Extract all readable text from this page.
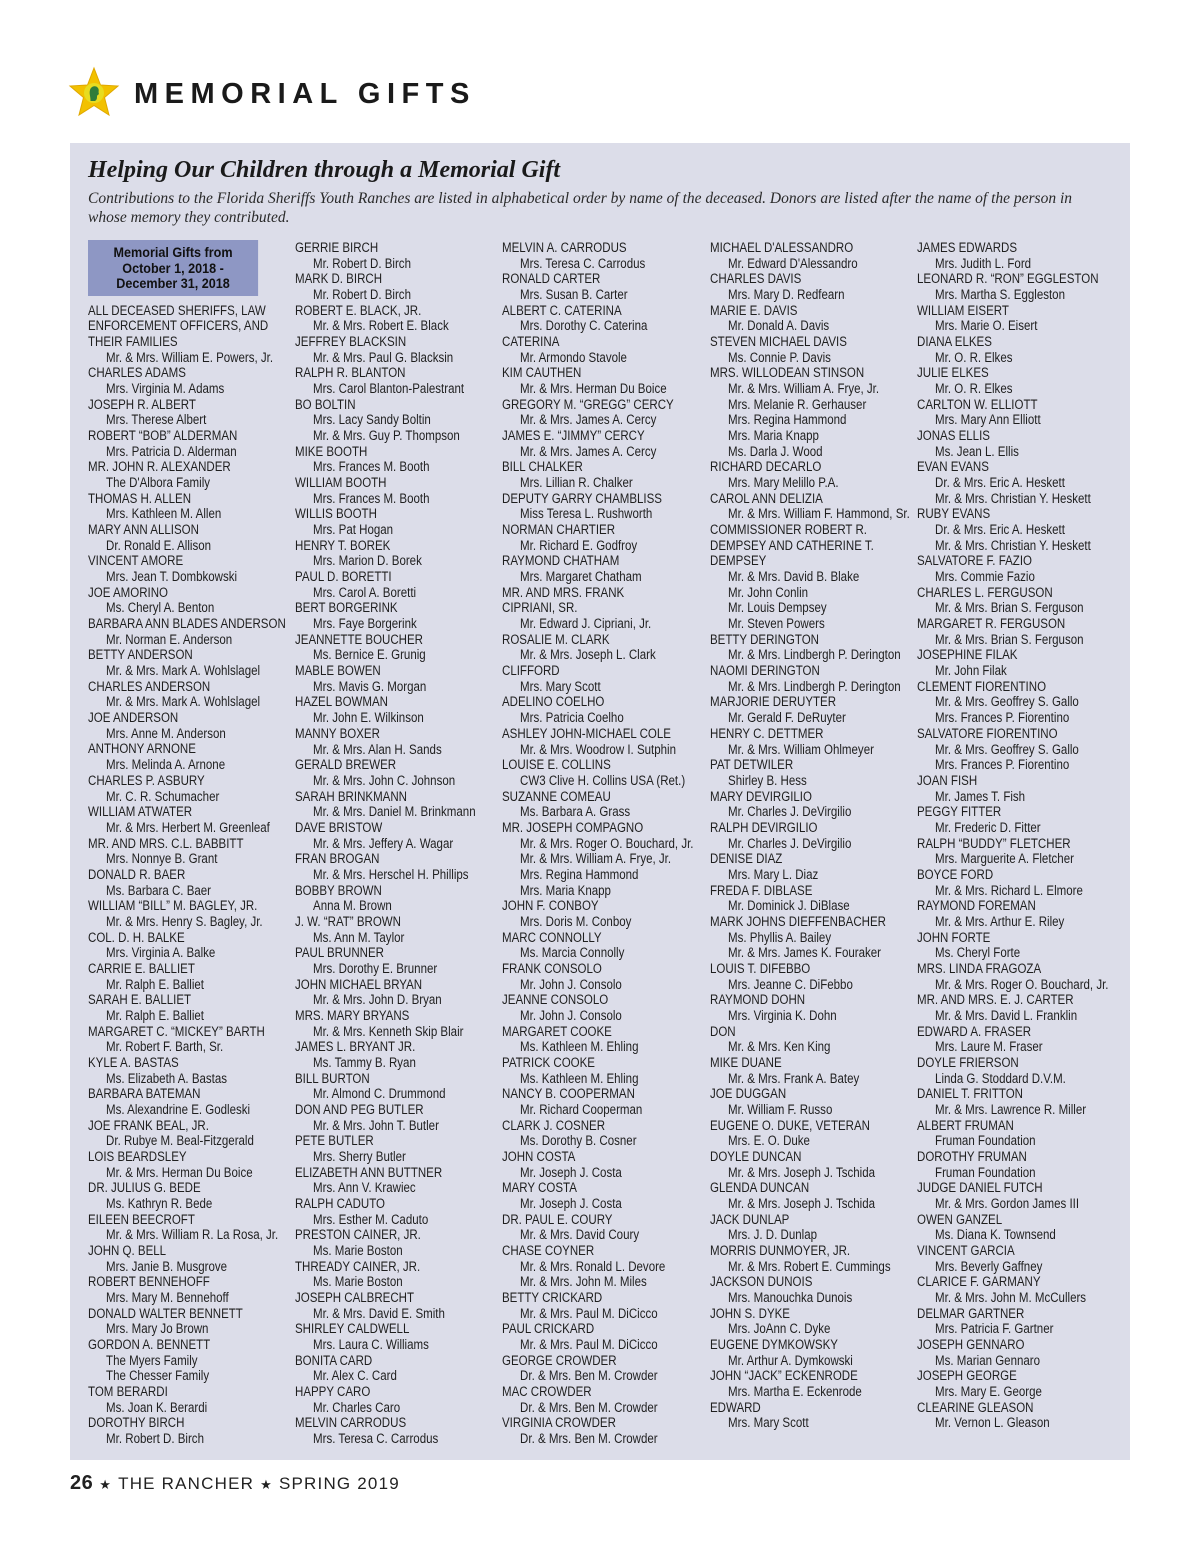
MEMORIAL GIFTS
Helping Our Children through a Memorial Gift

Contributions to the Florida Sheriffs Youth Ranches are listed in alphabetical order by name of the deceased. Donors are listed after the name of the person in whose memory they contributed.

Memorial Gifts from
October 1, 2018 -
December 31, 2018
ALL DECEASED SHERIFFS, LAW
ENFORCEMENT OFFICERS, AND
THEIR FAMILIES
Mr. & Mrs. William E. Powers, Jr.
CHARLES ADAMS
Mrs. Virginia M. Adams
JOSEPH R. ALBERT
Mrs. Therese Albert
ROBERT “BOB” ALDERMAN
Mrs. Patricia D. Alderman
MR. JOHN R. ALEXANDER
The D'Albora Family
THOMAS H. ALLEN
Mrs. Kathleen M. Allen
MARY ANN ALLISON
Dr. Ronald E. Allison
VINCENT AMORE
Mrs. Jean T. Dombkowski
JOE AMORINO
Ms. Cheryl A. Benton
BARBARA ANN BLADES ANDERSON
Mr. Norman E. Anderson
BETTY ANDERSON
Mr. & Mrs. Mark A. Wohlslagel
CHARLES ANDERSON
Mr. & Mrs. Mark A. Wohlslagel
JOE ANDERSON
Mrs. Anne M. Anderson
ANTHONY ARNONE
Mrs. Melinda A. Arnone
CHARLES P. ASBURY
Mr. C. R. Schumacher
WILLIAM ATWATER
Mr. & Mrs. Herbert M. Greenleaf
MR. AND MRS. C.L. BABBITT
Mrs. Nonnye B. Grant
DONALD R. BAER
Ms. Barbara C. Baer
WILLIAM “BILL” M. BAGLEY, JR.
Mr. & Mrs. Henry S. Bagley, Jr.
COL. D. H. BALKE
Mrs. Virginia A. Balke
CARRIE E. BALLIET
Mr. Ralph E. Balliet
SARAH E. BALLIET
Mr. Ralph E. Balliet
MARGARET C. “MICKEY” BARTH
Mr. Robert F. Barth, Sr.
KYLE A. BASTAS
Ms. Elizabeth A. Bastas
BARBARA BATEMAN
Ms. Alexandrine E. Godleski
JOE FRANK BEAL, JR.
Dr. Rubye M. Beal-Fitzgerald
LOIS BEARDSLEY
Mr. & Mrs. Herman Du Boice
DR. JULIUS G. BEDE
Ms. Kathryn R. Bede
EILEEN BEECROFT
Mr. & Mrs. William R. La Rosa, Jr.
JOHN Q. BELL
Mrs. Janie B. Musgrove
ROBERT BENNEHOFF
Mrs. Mary M. Bennehoff
DONALD WALTER BENNETT
Mrs. Mary Jo Brown
GORDON A. BENNETT
The Myers Family
The Chesser Family
TOM BERARDI
Ms. Joan K. Berardi
DOROTHY BIRCH
Mr. Robert D. Birch
GERRIE BIRCH
Mr. Robert D. Birch
MARK D. BIRCH
Mr. Robert D. Birch
ROBERT E. BLACK, JR.
Mr. & Mrs. Robert E. Black
JEFFREY BLACKSIN
Mr. & Mrs. Paul G. Blacksin
RALPH R. BLANTON
Mrs. Carol Blanton-Palestrant
BO BOLTIN
Mrs. Lacy Sandy Boltin
Mr. & Mrs. Guy P. Thompson
MIKE BOOTH
Mrs. Frances M. Booth
WILLIAM BOOTH
Mrs. Frances M. Booth
WILLIS BOOTH
Mrs. Pat Hogan
HENRY T. BOREK
Mrs. Marion D. Borek
PAUL D. BORETTI
Mrs. Carol A. Boretti
BERT BORGERINK
Mrs. Faye Borgerink
JEANNETTE BOUCHER
Ms. Bernice E. Grunig
MABLE BOWEN
Mrs. Mavis G. Morgan
HAZEL BOWMAN
Mr. John E. Wilkinson
MANNY BOXER
Mr. & Mrs. Alan H. Sands
GERALD BREWER
Mr. & Mrs. John C. Johnson
SARAH BRINKMANN
Mr. & Mrs. Daniel M. Brinkmann
DAVE BRISTOW
Mr. & Mrs. Jeffery A. Wagar
FRAN BROGAN
Mr. & Mrs. Herschel H. Phillips
BOBBY BROWN
Anna M. Brown
J. W. “RAT” BROWN
Ms. Ann M. Taylor
PAUL BRUNNER
Mrs. Dorothy E. Brunner
JOHN MICHAEL BRYAN
Mr. & Mrs. John D. Bryan
MRS. MARY BRYANS
Mr. & Mrs. Kenneth Skip Blair
JAMES L. BRYANT JR.
Ms. Tammy B. Ryan
BILL BURTON
Mr. Almond C. Drummond
DON AND PEG BUTLER
Mr. & Mrs. John T. Butler
PETE BUTLER
Mrs. Sherry Butler
ELIZABETH ANN BUTTNER
Mrs. Ann V. Krawiec
RALPH CADUTO
Mrs. Esther M. Caduto
PRESTON CAINER, JR.
Ms. Marie Boston
THREADY CAINER, JR.
Ms. Marie Boston
JOSEPH CALBRECHT
Mr. & Mrs. David E. Smith
SHIRLEY CALDWELL
Mrs. Laura C. Williams
BONITA CARD
Mr. Alex C. Card
HAPPY CARO
Mr. Charles Caro
MELVIN CARRODUS
Mrs. Teresa C. Carrodus
MELVIN A. CARRODUS
Mrs. Teresa C. Carrodus
RONALD CARTER
Mrs. Susan B. Carter
ALBERT C. CATERINA
Mrs. Dorothy C. Caterina
CATERINA
Mr. Armondo Stavole
KIM CAUTHEN
Mr. & Mrs. Herman Du Boice
GREGORY M. “GREGG” CERCY
Mr. & Mrs. James A. Cercy
JAMES E. “JIMMY” CERCY
Mr. & Mrs. James A. Cercy
BILL CHALKER
Mrs. Lillian R. Chalker
DEPUTY GARRY CHAMBLISS
Miss Teresa L. Rushworth
NORMAN CHARTIER
Mr. Richard E. Godfroy
RAYMOND CHATHAM
Mrs. Margaret Chatham
MR. AND MRS. FRANK
CIPRIANI, SR.
Mr. Edward J. Cipriani, Jr.
ROSALIE M. CLARK
Mr. & Mrs. Joseph L. Clark
CLIFFORD
Mrs. Mary Scott
ADELINO COELHO
Mrs. Patricia Coelho
ASHLEY JOHN-MICHAEL COLE
Mr. & Mrs. Woodrow I. Sutphin
LOUISE E. COLLINS
CW3 Clive H. Collins USA (Ret.)
SUZANNE COMEAU
Ms. Barbara A. Grass
MR. JOSEPH COMPAGNO
Mr. & Mrs. Roger O. Bouchard, Jr.
Mr. & Mrs. William A. Frye, Jr.
Mrs. Regina Hammond
Mrs. Maria Knapp
JOHN F. CONBOY
Mrs. Doris M. Conboy
MARC CONNOLLY
Ms. Marcia Connolly
FRANK CONSOLO
Mr. John J. Consolo
JEANNE CONSOLO
Mr. John J. Consolo
MARGARET COOKE
Ms. Kathleen M. Ehling
PATRICK COOKE
Ms. Kathleen M. Ehling
NANCY B. COOPERMAN
Mr. Richard Cooperman
CLARK J. COSNER
Ms. Dorothy B. Cosner
JOHN COSTA
Mr. Joseph J. Costa
MARY COSTA
Mr. Joseph J. Costa
DR. PAUL E. COURY
Mr. & Mrs. David Coury
CHASE COYNER
Mr. & Mrs. Ronald L. Devore
Mr. & Mrs. John M. Miles
BETTY CRICKARD
Mr. & Mrs. Paul M. DiCicco
PAUL CRICKARD
Mr. & Mrs. Paul M. DiCicco
GEORGE CROWDER
Dr. & Mrs. Ben M. Crowder
MAC CROWDER
Dr. & Mrs. Ben M. Crowder
VIRGINIA CROWDER
Dr. & Mrs. Ben M. Crowder
MICHAEL D'ALESSANDRO
Mr. Edward D'Alessandro
CHARLES DAVIS
Mrs. Mary D. Redfearn
MARIE E. DAVIS
Mr. Donald A. Davis
STEVEN MICHAEL DAVIS
Ms. Connie P. Davis
MRS. WILLODEAN STINSON
Mr. & Mrs. William A. Frye, Jr.
Mrs. Melanie R. Gerhauser
Mrs. Regina Hammond
Mrs. Maria Knapp
Ms. Darla J. Wood
RICHARD DECARLO
Mrs. Mary Melillo P.A.
CAROL ANN DELIZIA
Mr. & Mrs. William F. Hammond, Sr.
COMMISSIONER ROBERT R.
DEMPSEY AND CATHERINE T.
DEMPSEY
Mr. & Mrs. David B. Blake
Mr. John Conlin
Mr. Louis Dempsey
Mr. Steven Powers
BETTY DERINGTON
Mr. & Mrs. Lindbergh P. Derington
NAOMI DERINGTON
Mr. & Mrs. Lindbergh P. Derington
MARJORIE DERUYTER
Mr. Gerald F. DeRuyter
HENRY C. DETTMER
Mr. & Mrs. William Ohlmeyer
PAT DETWILER
Shirley B. Hess
MARY DEVIRGILIO
Mr. Charles J. DeVirgilio
RALPH DEVIRGILIO
Mr. Charles J. DeVirgilio
DENISE DIAZ
Mrs. Mary L. Diaz
FREDA F. DIBLASE
Mr. Dominick J. DiBlase
MARK JOHNS DIEFFENBACHER
Ms. Phyllis A. Bailey
Mr. & Mrs. James K. Fouraker
LOUIS T. DIFEBBO
Mrs. Jeanne C. DiFebbo
RAYMOND DOHN
Mrs. Virginia K. Dohn
DON
Mr. & Mrs. Ken King
MIKE DUANE
Mr. & Mrs. Frank A. Batey
JOE DUGGAN
Mr. William F. Russo
EUGENE O. DUKE, VETERAN
Mrs. E. O. Duke
DOYLE DUNCAN
Mr. & Mrs. Joseph J. Tschida
GLENDA DUNCAN
Mr. & Mrs. Joseph J. Tschida
JACK DUNLAP
Mrs. J. D. Dunlap
MORRIS DUNMOYER, JR.
Mr. & Mrs. Robert E. Cummings
JACKSON DUNOIS
Mrs. Manouchka Dunois
JOHN S. DYKE
Mrs. JoAnn C. Dyke
EUGENE DYMKOWSKY
Mr. Arthur A. Dymkowski
JOHN “JACK” ECKENRODE
Mrs. Martha E. Eckenrode
EDWARD
Mrs. Mary Scott
JAMES EDWARDS
Mrs. Judith L. Ford
LEONARD R. “RON” EGGLESTON
Mrs. Martha S. Eggleston
WILLIAM EISERT
Mrs. Marie O. Eisert
DIANA ELKES
Mr. O. R. Elkes
JULIE ELKES
Mr. O. R. Elkes
CARLTON W. ELLIOTT
Mrs. Mary Ann Elliott
JONAS ELLIS
Ms. Jean L. Ellis
EVAN EVANS
Dr. & Mrs. Eric A. Heskett
Mr. & Mrs. Christian Y. Heskett
RUBY EVANS
Dr. & Mrs. Eric A. Heskett
Mr. & Mrs. Christian Y. Heskett
SALVATORE F. FAZIO
Mrs. Commie Fazio
CHARLES L. FERGUSON
Mr. & Mrs. Brian S. Ferguson
MARGARET R. FERGUSON
Mr. & Mrs. Brian S. Ferguson
JOSEPHINE FILAK
Mr. John Filak
CLEMENT FIORENTINO
Mr. & Mrs. Geoffrey S. Gallo
Mrs. Frances P. Fiorentino
SALVATORE FIORENTINO
Mr. & Mrs. Geoffrey S. Gallo
Mrs. Frances P. Fiorentino
JOAN FISH
Mr. James T. Fish
PEGGY FITTER
Mr. Frederic D. Fitter
RALPH “BUDDY” FLETCHER
Mrs. Marguerite A. Fletcher
BOYCE FORD
Mr. & Mrs. Richard L. Elmore
RAYMOND FOREMAN
Mr. & Mrs. Arthur E. Riley
JOHN FORTE
Ms. Cheryl Forte
MRS. LINDA FRAGOZA
Mr. & Mrs. Roger O. Bouchard, Jr.
MR. AND MRS. E. J. CARTER
Mr. & Mrs. David L. Franklin
EDWARD A. FRASER
Mrs. Laure M. Fraser
DOYLE FRIERSON
Linda G. Stoddard D.V.M.
DANIEL T. FRITTON
Mr. & Mrs. Lawrence R. Miller
ALBERT FRUMAN
Fruman Foundation
DOROTHY FRUMAN
Fruman Foundation
JUDGE DANIEL FUTCH
Mr. & Mrs. Gordon James III
OWEN GANZEL
Ms. Diana K. Townsend
VINCENT GARCIA
Mrs. Beverly Gaffney
CLARICE F. GARMANY
Mr. & Mrs. John M. McCullers
DELMAR GARTNER
Mrs. Patricia F. Gartner
JOSEPH GENNARO
Ms. Marian Gennaro
JOSEPH GEORGE
Mrs. Mary E. George
CLEARINE GLEASON
Mr. Vernon L. Gleason
26 ★ THE RANCHER ★ SPRING 2019
